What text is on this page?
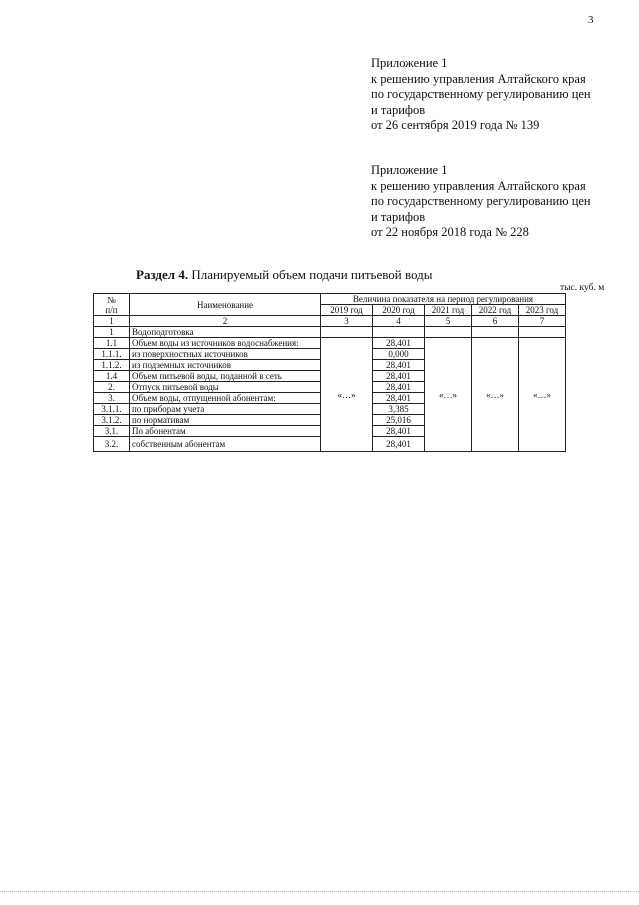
3
Приложение 1
к решению управления Алтайского края
по государственному регулированию цен
и тарифов
от 26 сентября 2019 года № 139
Приложение 1
к решению управления Алтайского края
по государственному регулированию цен
и тарифов
от 22 ноября 2018 года № 228
Раздел 4. Планируемый объем подачи питьевой воды
тыс. куб. м
№
п/п	Наименование	Величина показателя на период регулирования				
		2019 год	2020 год	2021 год	2022 год	2023 год
1	2	3	4	5	6	7
1	Водоподготовка					
1.1	Объем воды из источников водоснабжения:	«…»	28,401	«…»	«…»	«…»
1.1.1.	из поверхностных источников		0,000			
1.1.2.	из подземных источников		28,401			
1.4	Объем питьевой воды, поданной в сеть		28,401			
2.	Отпуск питьевой воды		28,401			
3.	Объем воды, отпущенной абонентам:		28,401			
3.1.1.	по приборам учета		3,385			
3.1.2.	по нормативам		25,016			
3.1.	По абонентам		28,401			
3.2.	собственным абонентам		28,401			
